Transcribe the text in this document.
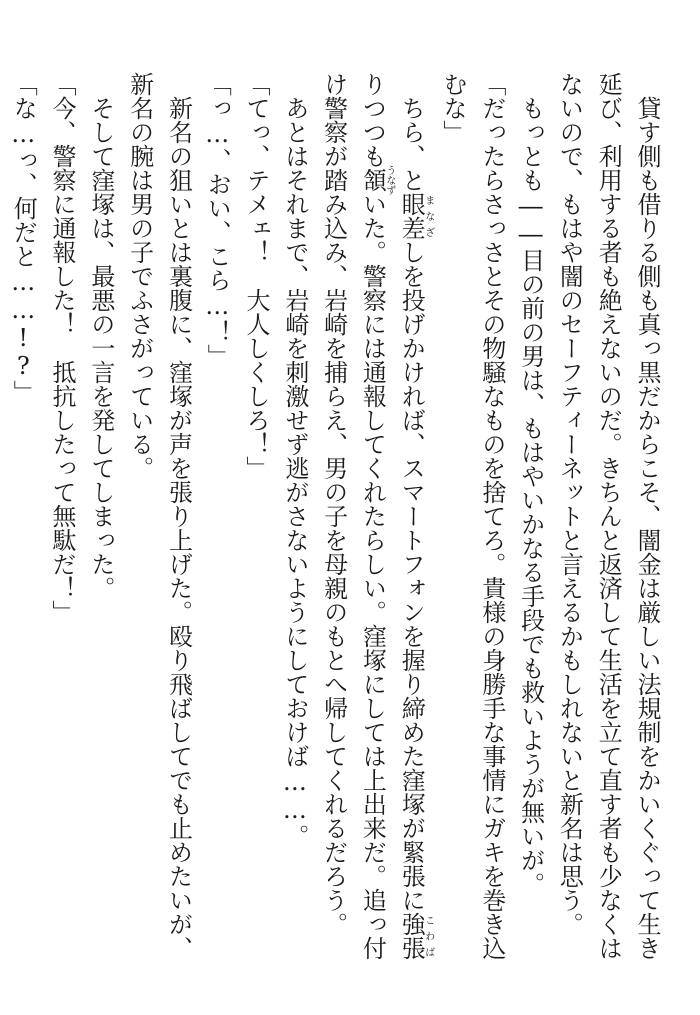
貸す側も借りる側も真っ黒だからこそ、闇金は厳しい法規制をかいくぐって生き延び、利用する者も絶えないのだ。きちんと返済して生活を立て直す者も少なくはないので、もはや闇のセーフティーネットと言えるかもしれないと新名は思う。

もっとも――目の前の男は、もはやいかなる手段でも救いようが無いが。

「だったらさっさとその物騒なものを捨てろ。貴様の身勝手な事情にガキを巻き込むな」

ちら、と眼差まなざしを投げかければ、スマートフォンを握り締めた窪塚が緊張に強張こわばりつつも頷うなずいた。警察には通報してくれたらしい。窪塚にしては上出来だ。追っ付け警察が踏み込み、岩崎を捕らえ、男の子を母親のもとへ帰してくれるだろう。

あとはそれまで、岩崎を刺激せず逃がさないようにしておけば……。

「てっ、テメェ！　大人しくしろ！」

「っ…、おい、こら…！」

新名の狙いとは裏腹に、窪塚が声を張り上げた。殴り飛ばしてでも止めたいが、新名の腕は男の子でふさがっている。

そして窪塚は、最悪の一言を発してしまった。

「今、警察に通報した！　抵抗したって無駄だ！」

「な…っ、何だと……!?」
